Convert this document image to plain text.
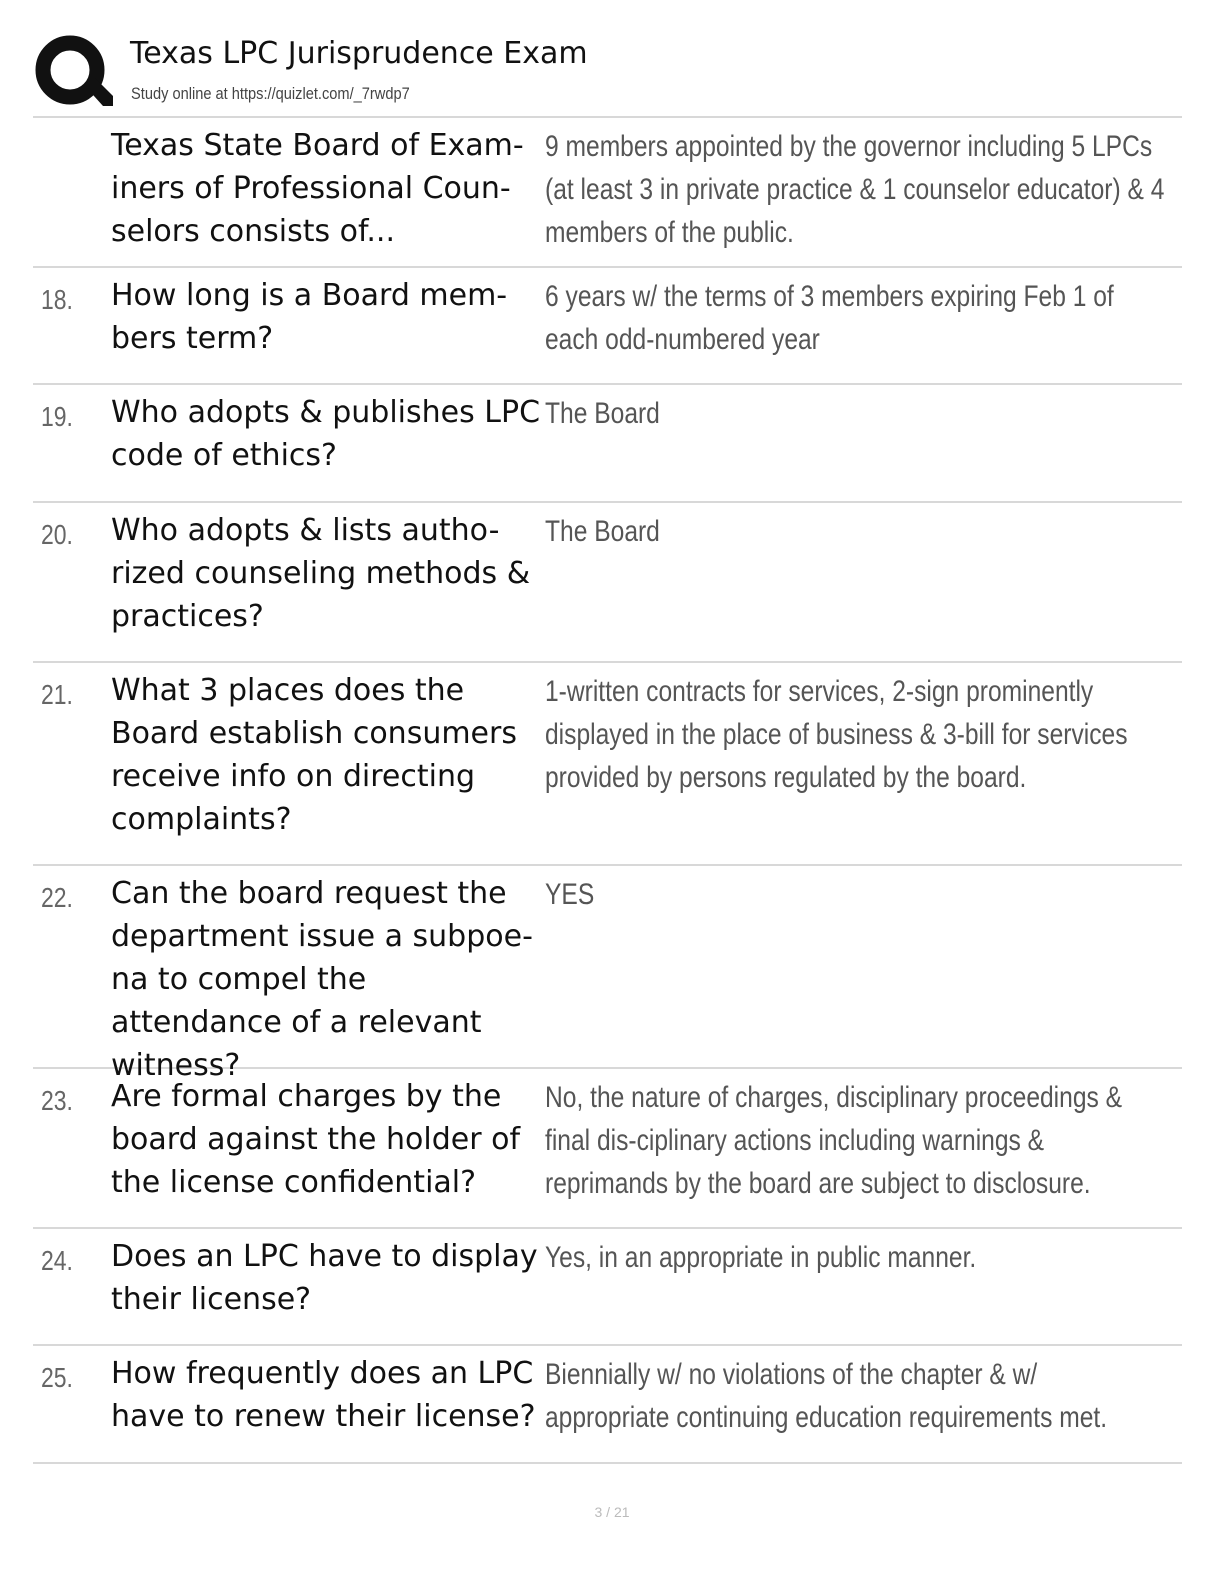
Texas LPC Jurisprudence Exam
Study online at https://quizlet.com/_7rwdp7
Texas State Board of Exam-iners of Professional Coun-selors consists of...
9 members appointed by the governor including 5 LPCs (at least 3 in private practice & 1 counselor educator) & 4 members of the public.
18. How long is a Board mem-bers term?
6 years w/ the terms of 3 members expiring Feb 1 of each odd-numbered year
19. Who adopts & publishes LPC code of ethics?
The Board
20. Who adopts & lists autho-rized counseling methods & practices?
The Board
21. What 3 places does the Board establish consumers receive info on directing complaints?
1-written contracts for services, 2-sign prominently displayed in the place of business & 3-bill for services provided by persons regulated by the board.
22. Can the board request the department issue a subpoe-na to compel the attendance of a relevant witness?
YES
23. Are formal charges by the board against the holder of the license confidential?
No, the nature of charges, disciplinary proceedings & final dis-ciplinary actions including warnings & reprimands by the board are subject to disclosure.
24. Does an LPC have to display their license?
Yes, in an appropriate in public manner.
25. How frequently does an LPC have to renew their license?
Biennially w/ no violations of the chapter & w/ appropriate continuing education requirements met.
3 / 21
